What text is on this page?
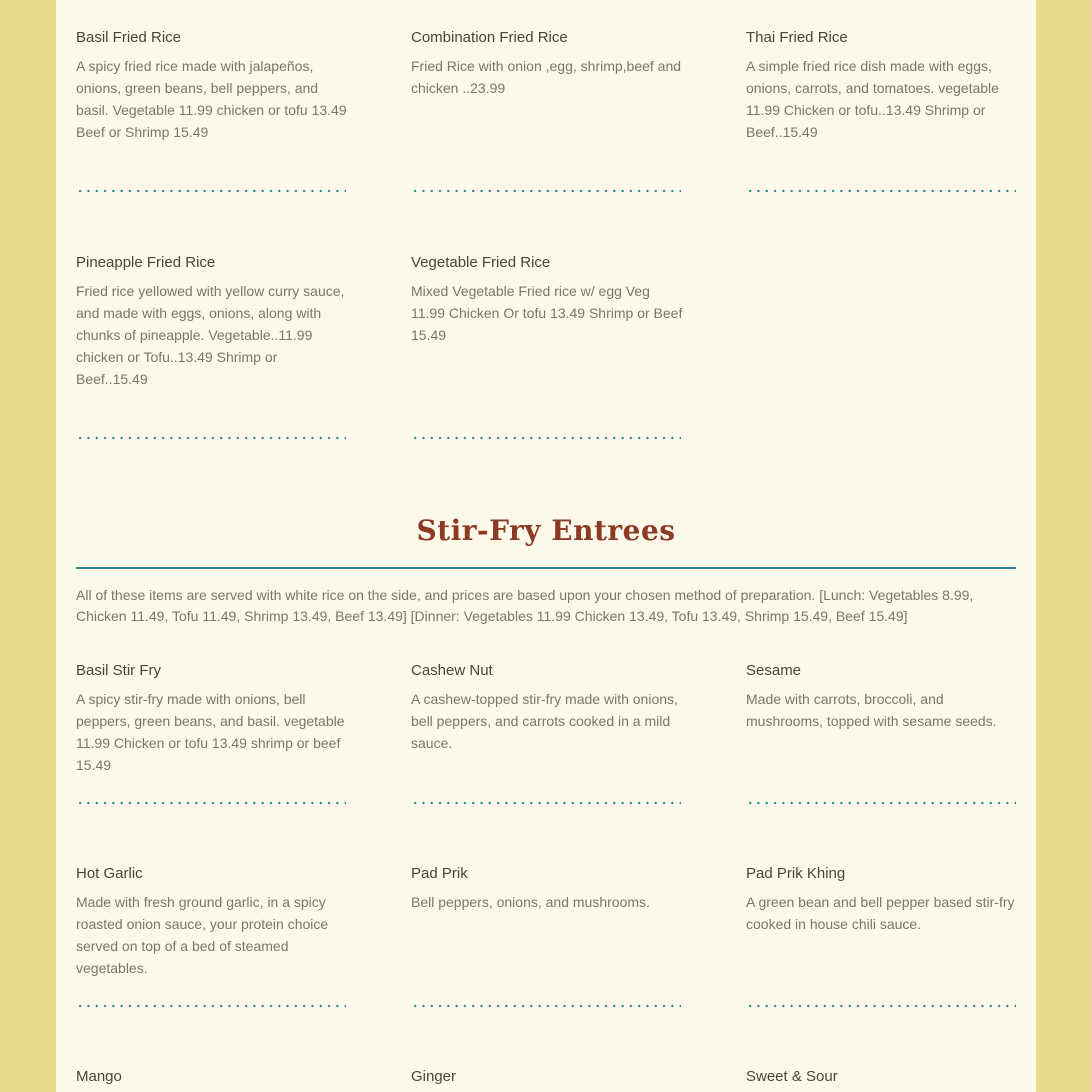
Basil Fried Rice

A spicy fried rice made with jalapeños, onions, green beans, bell peppers, and basil. Vegetable 11.99 chicken or tofu 13.49 Beef or Shrimp 15.49

Combination Fried Rice

Fried Rice with onion ,egg, shrimp,beef and chicken ..23.99

Thai Fried Rice

A simple fried rice dish made with eggs, onions, carrots, and tomatoes. vegetable 11.99 Chicken or tofu..13.49 Shrimp or Beef..15.49

Pineapple Fried Rice

Fried rice yellowed with yellow curry sauce, and made with eggs, onions, along with chunks of pineapple. Vegetable..11.99 chicken or Tofu..13.49 Shrimp or Beef..15.49

Vegetable Fried Rice

Mixed Vegetable Fried rice w/ egg Veg 11.99 Chicken Or tofu 13.49 Shrimp or Beef 15.49

Stir-Fry Entrees

All of these items are served with white rice on the side, and prices are based upon your chosen method of preparation. [Lunch: Vegetables 8.99, Chicken 11.49, Tofu 11.49, Shrimp 13.49, Beef 13.49] [Dinner: Vegetables 11.99 Chicken 13.49, Tofu 13.49, Shrimp 15.49, Beef 15.49]

Basil Stir Fry

A spicy stir-fry made with onions, bell peppers, green beans, and basil. vegetable 11.99 Chicken or tofu 13.49 shrimp or beef 15.49

Cashew Nut

A cashew-topped stir-fry made with onions, bell peppers, and carrots cooked in a mild sauce.

Sesame

Made with carrots, broccoli, and mushrooms, topped with sesame seeds.

Hot Garlic

Made with fresh ground garlic, in a spicy roasted onion sauce, your protein choice served on top of a bed of steamed vegetables.

Pad Prik

Bell peppers, onions, and mushrooms.

Pad Prik Khing

A green bean and bell pepper based stir-fry cooked in house chili sauce.

Mango	Ginger	Sweet & Sour
